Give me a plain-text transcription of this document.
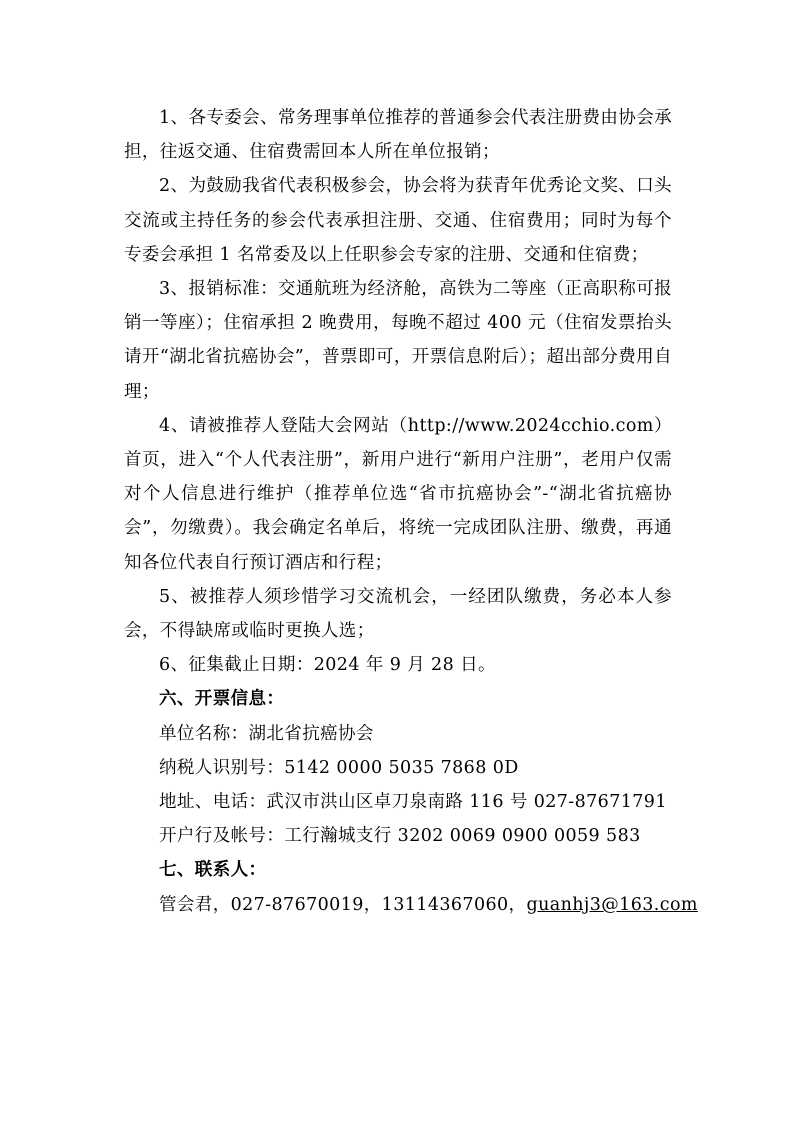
1、各专委会、常务理事单位推荐的普通参会代表注册费由协会承担，往返交通、住宿费需回本人所在单位报销；

2、为鼓励我省代表积极参会，协会将为获青年优秀论文奖、口头交流或主持任务的参会代表承担注册、交通、住宿费用；同时为每个专委会承担 1 名常委及以上任职参会专家的注册、交通和住宿费；

3、报销标准：交通航班为经济舱，高铁为二等座（正高职称可报销一等座）；住宿承担 2 晚费用，每晚不超过 400 元（住宿发票抬头请开“湖北省抗癌协会”，普票即可，开票信息附后）；超出部分费用自理；

4、请被推荐人登陆大会网站（http://www.2024cchio.com）首页，进入“个人代表注册”，新用户进行“新用户注册”，老用户仅需对个人信息进行维护（推荐单位选“省市抗癌协会”-“湖北省抗癌协会”，勿缴费）。我会确定名单后，将统一完成团队注册、缴费，再通知各位代表自行预订酒店和行程；

5、被推荐人须珍惜学习交流机会，一经团队缴费，务必本人参会，不得缺席或临时更换人选；

6、征集截止日期：2024 年 9 月 28 日。

六、开票信息：

单位名称：湖北省抗癌协会

纳税人识别号：5142 0000 5035 7868 0D

地址、电话：武汉市洪山区卓刀泉南路 116 号 027-87671791

开户行及帐号：工行瀚城支行 3202 0069 0900 0059 583

七、联系人：

管会君，027-87670019，13114367060，guanhj3@163.com
